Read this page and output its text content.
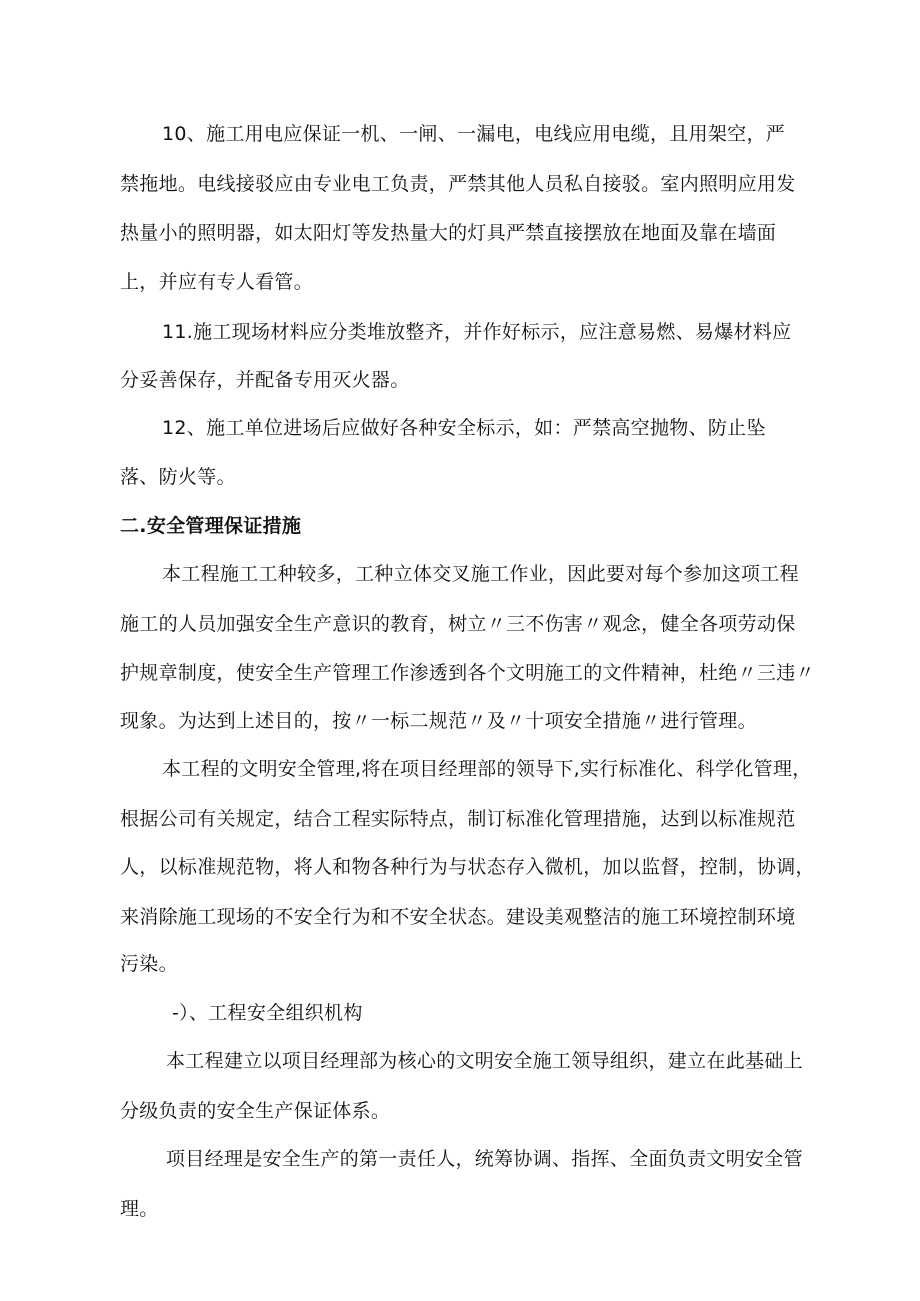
10、施工用电应保证一机、一闸、一漏电，电线应用电缆，且用架空，严
禁拖地。电线接驳应由专业电工负责，严禁其他人员私自接驳。室内照明应用发
热量小的照明器，如太阳灯等发热量大的灯具严禁直接摆放在地面及靠在墙面
上，并应有专人看管。
11.施工现场材料应分类堆放整齐，并作好标示，应注意易燃、易爆材料应
分妥善保存，并配备专用灭火器。
12、施工单位进场后应做好各种安全标示，如：严禁高空抛物、防止坠
落、防火等。
二.安全管理保证措施
本工程施工工种较多，工种立体交叉施工作业，因此要对每个参加这项工程
施工的人员加强安全生产意识的教育，树立〃三不伤害〃观念，健全各项劳动保
护规章制度，使安全生产管理工作渗透到各个文明施工的文件精神，杜绝〃三违〃
现象。为达到上述目的，按〃一标二规范〃及〃十项安全措施〃进行管理。
本工程的文明安全管理,将在项目经理部的领导下,实行标准化、科学化管理，
根据公司有关规定，结合工程实际特点，制订标准化管理措施，达到以标准规范
人，以标准规范物，将人和物各种行为与状态存入微机，加以监督，控制，协调，
来消除施工现场的不安全行为和不安全状态。建设美观整洁的施工环境控制环境
污染。
-）、工程安全组织机构
本工程建立以项目经理部为核心的文明安全施工领导组织，建立在此基础上
分级负责的安全生产保证体系。
项目经理是安全生产的第一责任人，统筹协调、指挥、全面负责文明安全管
理。
